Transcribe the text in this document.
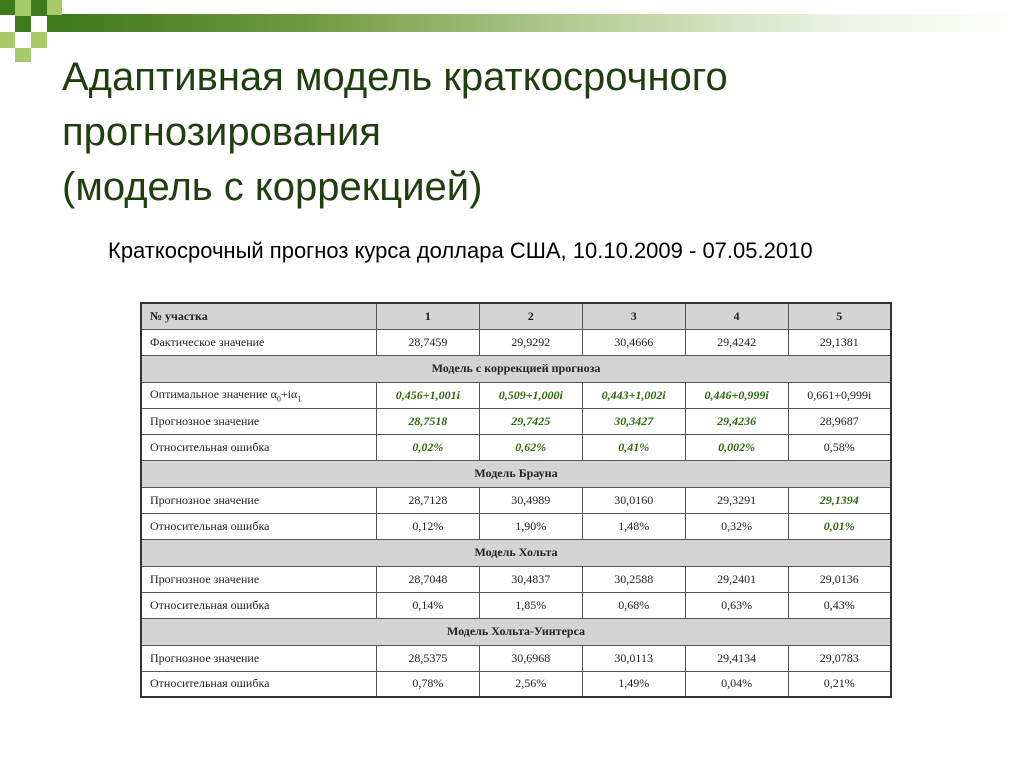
Адаптивная модель краткосрочного
прогнозирования
(модель с коррекцией)
Краткосрочный прогноз курса доллара США, 10.10.2009 - 07.05.2010
№ участка	1	2	3	4	5
Фактическое значение	28,7459	29,9292	30,4666	29,4242	29,1381
Модель с коррекцией прогноза					
Оптимальное значение $\alpha_0+i\alpha_1$	0,456+1,001i	0,509+1,000i	0,443+1,002i	0,446+0,999i	0,661+0,999i
Прогнозное значение	28,7518	29,7425	30,3427	29,4236	28,9687
Относительная ошибка	0,02%	0,62%	0,41%	0,002%	0,58%
Модель Брауна					
Прогнозное значение	28,7128	30,4989	30,0160	29,3291	29,1394
Относительная ошибка	0,12%	1,90%	1,48%	0,32%	0,01%
Модель Хольта					
Прогнозное значение	28,7048	30,4837	30,2588	29,2401	29,0136
Относительная ошибка	0,14%	1,85%	0,68%	0,63%	0,43%
Модель Хольта-Уинтерса					
Прогнозное значение	28,5375	30,6968	30,0113	29,4134	29,0783
Относительная ошибка	0,78%	2,56%	1,49%	0,04%	0,21%
